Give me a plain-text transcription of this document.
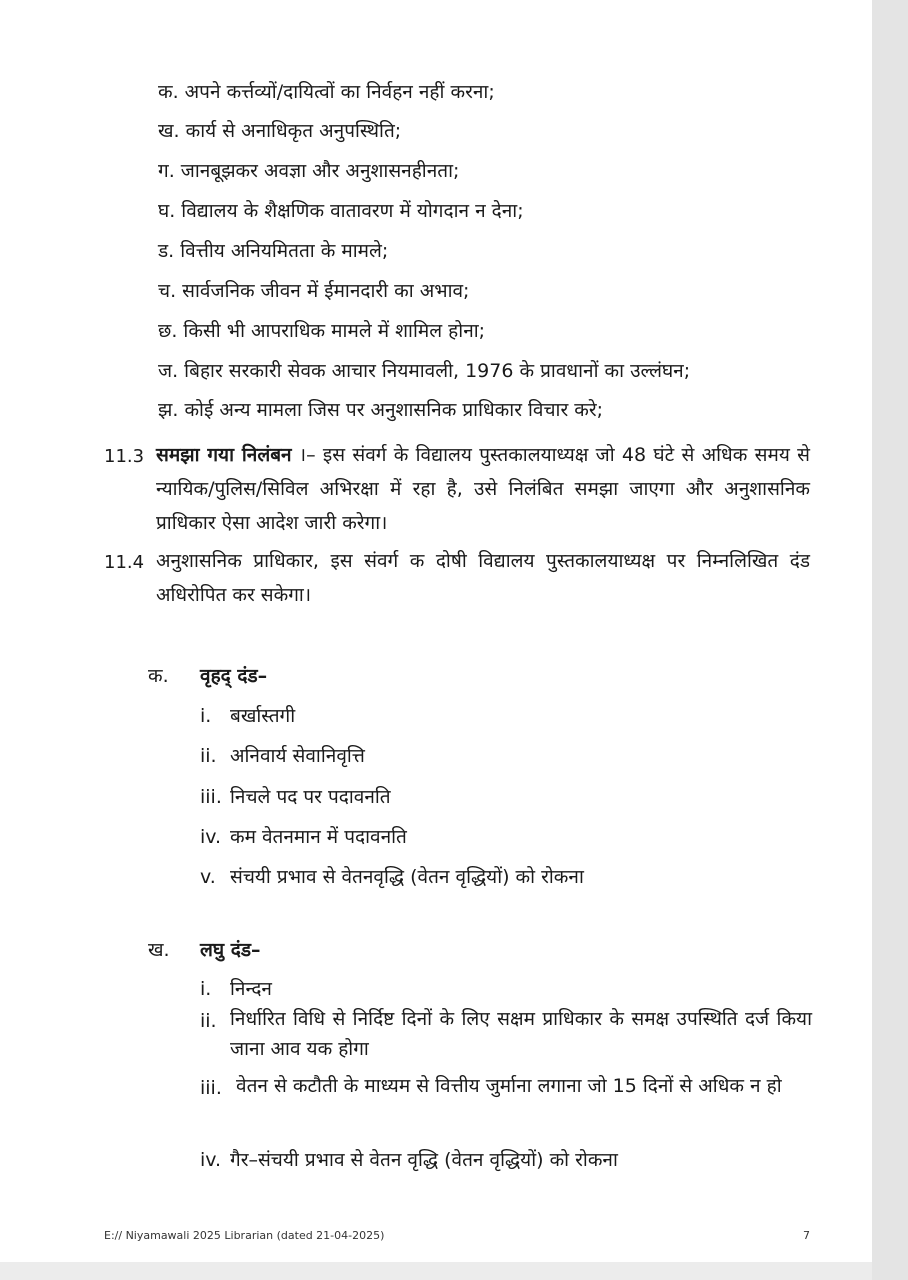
क. अपने कर्त्तव्यों/दायित्वों का निर्वहन नहीं करना;
ख. कार्य से अनाधिकृत अनुपस्थिति;
ग. जानबूझकर अवज्ञा और अनुशासनहीनता;
घ. विद्यालय के शैक्षणिक वातावरण में योगदान न देना;
ड. वित्तीय अनियमितता के मामले;
च. सार्वजनिक जीवन में ईमानदारी का अभाव;
छ. किसी भी आपराधिक मामले में शामिल होना;
ज. बिहार सरकारी सेवक आचार नियमावली, 1976 के प्रावधानों का उल्लंघन;
झ. कोई अन्य मामला जिस पर अनुशासनिक प्राधिकार विचार करे;
11.3 समझा गया निलंबन ।– इस संवर्ग के विद्यालय पुस्तकालयाध्यक्ष जो 48 घंटे से अधिक समय से न्यायिक/पुलिस/सिविल अभिरक्षा में रहा है, उसे निलंबित समझा जाएगा और अनुशासनिक प्राधिकार ऐसा आदेश जारी करेगा।
11.4 अनुशासनिक प्राधिकार, इस संवर्ग क दोषी विद्यालय पुस्तकालयाध्यक्ष पर निम्नलिखित दंड अधिरोपित कर सकेगा।
क. वृहद् दंड–
i. बर्खास्तगी
ii. अनिवार्य सेवानिवृत्ति
iii. निचले पद पर पदावनति
iv. कम वेतनमान में पदावनति
v. संचयी प्रभाव से वेतनवृद्धि (वेतन वृद्धियों) को रोकना
ख. लघु दंड–
i. निन्दन
ii. निर्धारित विधि से निर्दिष्ट दिनों के लिए सक्षम प्राधिकार के समक्ष उपस्थिति दर्ज किया जाना आव यक होगा
iii. वेतन से कटौती के माध्यम से वित्तीय जुर्माना लगाना जो 15 दिनों से अधिक न हो
iv. गैर–संचयी प्रभाव से वेतन वृद्धि (वेतन वृद्धियों) को रोकना
E:// Niyamawali 2025 Librarian (dated 21-04-2025)	7
